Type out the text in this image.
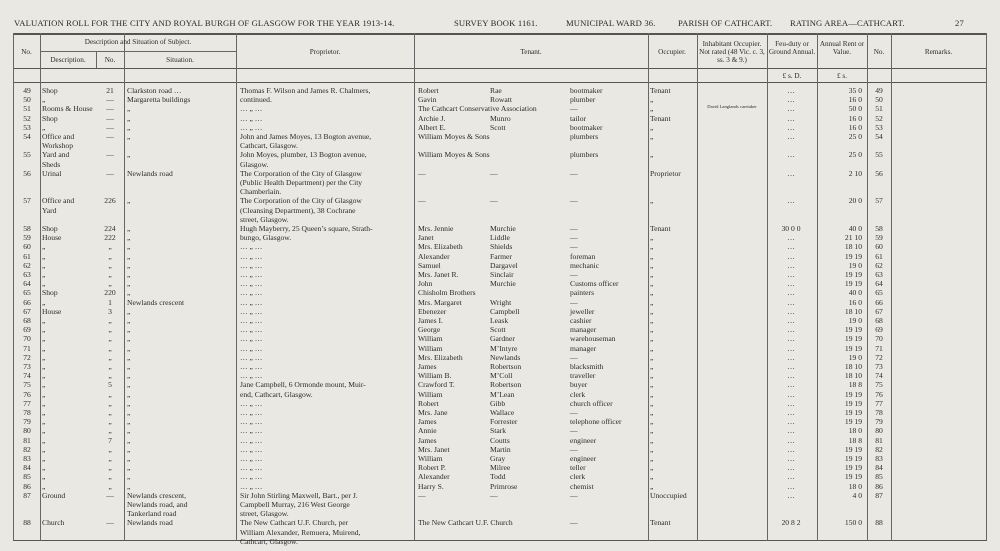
VALUATION ROLL FOR THE CITY AND ROYAL BURGH OF GLASGOW FOR THE YEAR 1913-14.	SURVEY BOOK 1161.	MUNICIPAL WARD 36.	PARISH OF CATHCART. RATING AREA—CATHCART.	27
No.
Description and Situation of Subject.
Description.	No.	Situation.
Proprietor.	Tenant.	Occupier.
Inhabitant Occupier. Not rated (48 Vic. c. 3, ss. 3 & 9.)
Feu-duty or Ground Annual.
Annual Rent or Value.	No.	Remarks.
£ s. D.	£ s.
49	Shop	21	Clarkston road …	Thomas F. Wilson and James R. Chalmers,	Robert	Rae	bootmaker	Tenant	…	35 0	49
50	„	—	Margaretta buildings	continued.	Gavin	Rowatt	plumber	„	…	16 0	50
51	Rooms & House	—	„	… „ …	The Cathcart Conservative Association	—	„	David Langlands caretaker	…	50 0	51
52	Shop	—	„	… „ …	Archie J.	Munro	tailor	Tenant	…	16 0	52
53	„	—	„	… „ …	Albert E.	Scott	bootmaker	„	…	16 0	53
54	Office and	—	„	John and James Moyes, 13 Bogton avenue,	William Moyes & Sons	plumbers	„	…	25 0	54
Workshop	Cathcart, Glasgow.
55	Yard and	—	„	John Moyes, plumber, 13 Bogton avenue,	William Moyes & Sons	plumbers	„	…	25 0	55
Sheds	Glasgow.
56	Urinal	—	Newlands road	The Corporation of the City of Glasgow	—	—	—	Proprietor	…	2 10	56
(Public Health Department) per the City
Chamberlain.
57	Office and	226	„	The Corporation of the City of Glasgow	—	—	—	„	…	20 0	57
Yard	(Cleansing Department), 38 Cochrane
street, Glasgow.
58	Shop	224	„	Hugh Mayberry, 25 Queen’s square, Strath-	Mrs. Jennie	Murchie	—	Tenant	30 0 0	40 0	58
59	House	222	„	bungo, Glasgow.	Janet	Liddle	—	„	…	21 10	59
60	„	„	„	… „ …	Mrs. Elizabeth	Shields	—	„	…	18 10	60
61	„	„	„	… „ …	Alexander	Farmer	foreman	„	…	19 19	61
62	„	„	„	… „ …	Samuel	Dargavel	mechanic	„	…	19 0	62
63	„	„	„	… „ …	Mrs. Janet R.	Sinclair	—	„	…	19 19	63
64	„	„	„	… „ …	John	Murchie	Customs officer	„	…	19 19	64
65	Shop	220	„	… „ …	Chisholm Brothers	painters	„	…	40 0	65
66	„	1	Newlands crescent	… „ …	Mrs. Margaret	Wright	—	„	…	16 0	66
67	House	3	„	… „ …	Ebenezer	Campbell	jeweller	„	…	18 10	67
68	„	„	„	… „ …	James I.	Leask	cashier	„	…	19 0	68
69	„	„	„	… „ …	George	Scott	manager	„	…	19 19	69
70	„	„	„	… „ …	William	Gardner	warehouseman	„	…	19 19	70
71	„	„	„	… „ …	William	M’Intyre	manager	„	…	19 19	71
72	„	„	„	… „ …	Mrs. Elizabeth	Newlands	—	„	…	19 0	72
73	„	„	„	… „ …	James	Robertson	blacksmith	„	…	18 10	73
74	„	„	„	… „ …	William B.	M’Coll	traveller	„	…	18 10	74
75	„	5	„	Jane Campbell, 6 Ormonde mount, Muir-	Crawford T.	Robertson	buyer	„	…	18 8	75
76	„	„	„	end, Cathcart, Glasgow.	William	M’Lean	clerk	„	…	19 19	76
77	„	„	„	… „ …	Robert	Gibb	church officer	„	…	19 19	77
78	„	„	„	… „ …	Mrs. Jane	Wallace	—	„	…	19 19	78
79	„	„	„	… „ …	James	Forrester	telephone officer	„	…	19 19	79
80	„	„	„	… „ …	Annie	Stark	—	„	…	18 0	80
81	„	7	„	… „ …	James	Coutts	engineer	„	…	18 8	81
82	„	„	„	… „ …	Mrs. Janet	Martin	—	„	…	19 19	82
83	„	„	„	… „ …	William	Gray	engineer	„	…	19 19	83
84	„	„	„	… „ …	Robert P.	Milree	teller	„	…	19 19	84
85	„	„	„	… „ …	Alexander	Todd	clerk	„	…	19 19	85
86	„	„	„	… „ …	Harry S.	Primrose	chemist	„	…	18 0	86
87	Ground	—	Newlands crescent,	Sir John Stirling Maxwell, Bart., per J.	—	—	—	Unoccupied	…	4 0	87
Newlands road, and	Campbell Murray, 216 West George
Tankerland road	street, Glasgow.
88	Church	—	Newlands road	The New Cathcart U.F. Church, per	The New Cathcart U.F. Church	—	Tenant	20 8 2	150 0	88
William Alexander, Remuera, Muirend,
Cathcart, Glasgow.
